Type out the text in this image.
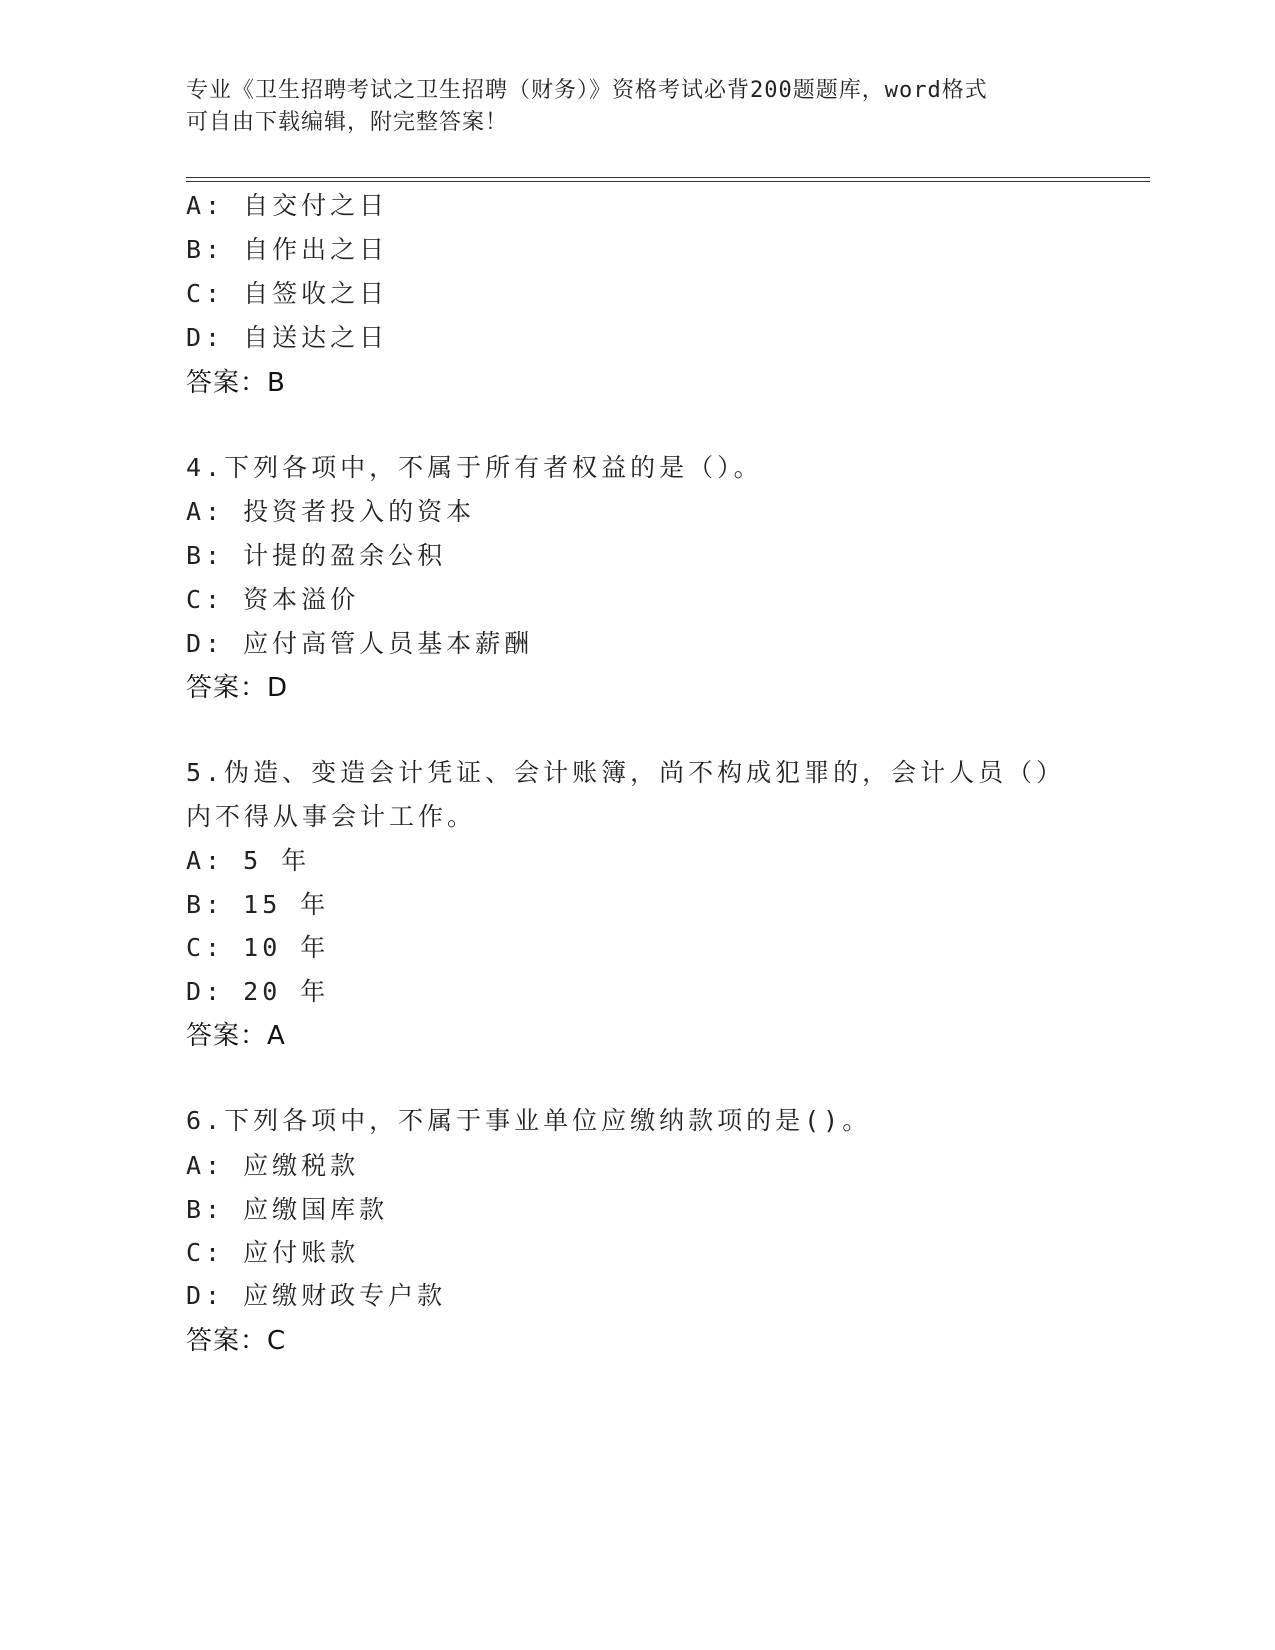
专业《卫生招聘考试之卫生招聘（财务）》资格考试必背200题题库，word格式
可自由下载编辑，附完整答案！
A: 自交付之日
B: 自作出之日
C: 自签收之日
D: 自送达之日
答案：B
4.下列各项中，不属于所有者权益的是（）。
A: 投资者投入的资本
B: 计提的盈余公积
C: 资本溢价
D: 应付高管人员基本薪酬
答案：D
5.伪造、变造会计凭证、会计账簿，尚不构成犯罪的，会计人员（）
内不得从事会计工作。
A: 5 年
B: 15 年
C: 10 年
D: 20 年
答案：A
6.下列各项中，不属于事业单位应缴纳款项的是()。
A: 应缴税款
B: 应缴国库款
C: 应付账款
D: 应缴财政专户款
答案：C
